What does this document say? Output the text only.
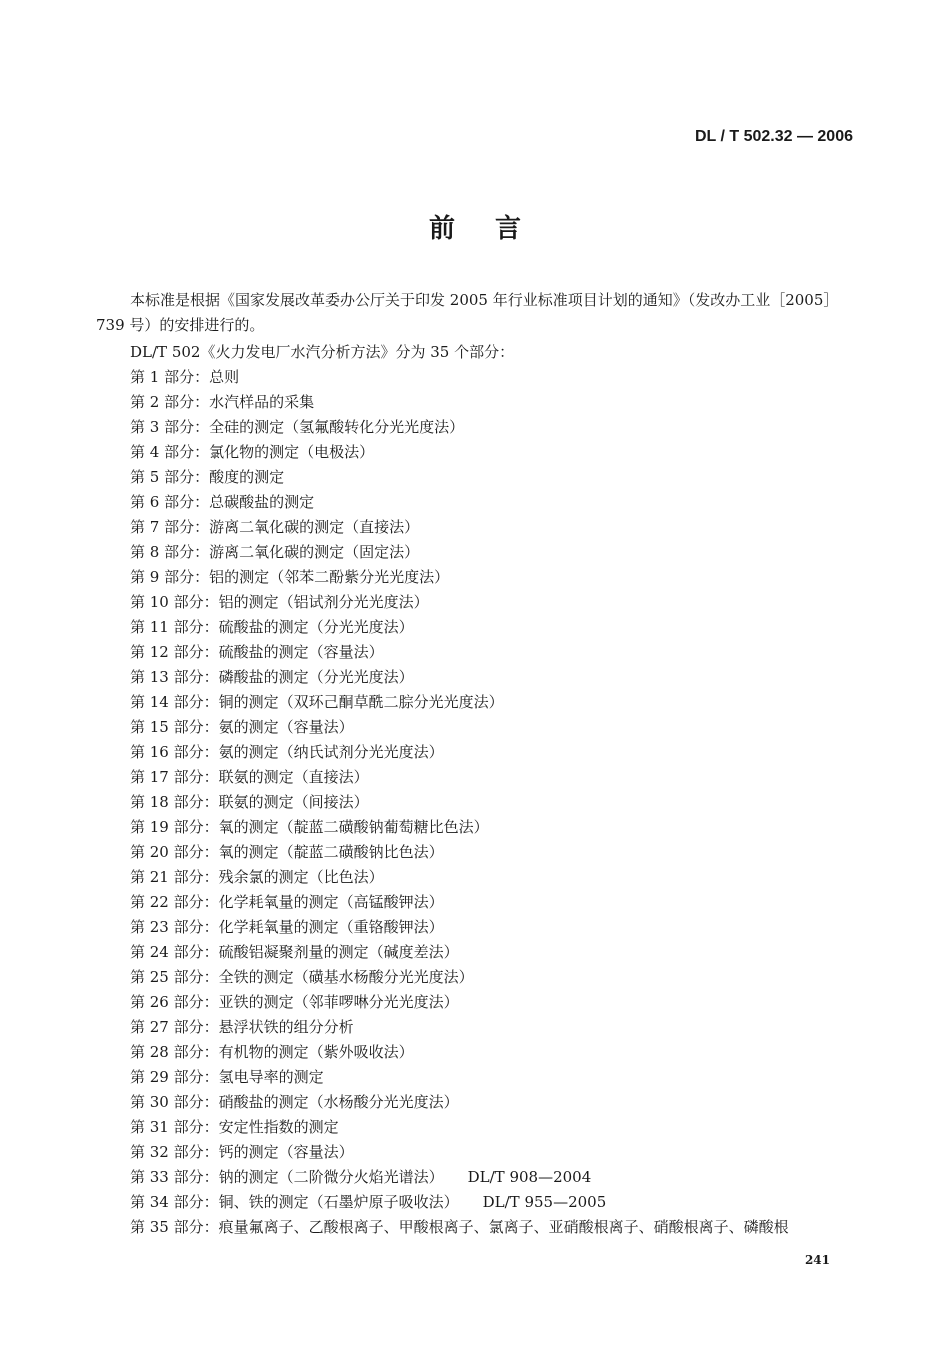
DL / T 502.32 — 2006
前 言

本标准是根据《国家发展改革委办公厅关于印发 2005 年行业标准项目计划的通知》（发改办工业［2005］739 号）的安排进行的。

DL/T 502《火力发电厂水汽分析方法》分为 35 个部分：
第 1 部分：总则
第 2 部分：水汽样品的采集
第 3 部分：全硅的测定（氢氟酸转化分光光度法）
第 4 部分：氯化物的测定（电极法）
第 5 部分：酸度的测定
第 6 部分：总碳酸盐的测定
第 7 部分：游离二氧化碳的测定（直接法）
第 8 部分：游离二氧化碳的测定（固定法）
第 9 部分：铝的测定（邻苯二酚紫分光光度法）
第 10 部分：铝的测定（铝试剂分光光度法）
第 11 部分：硫酸盐的测定（分光光度法）
第 12 部分：硫酸盐的测定（容量法）
第 13 部分：磷酸盐的测定（分光光度法）
第 14 部分：铜的测定（双环己酮草酰二腙分光光度法）
第 15 部分：氨的测定（容量法）
第 16 部分：氨的测定（纳氏试剂分光光度法）
第 17 部分：联氨的测定（直接法）
第 18 部分：联氨的测定（间接法）
第 19 部分：氧的测定（靛蓝二磺酸钠葡萄糖比色法）
第 20 部分：氧的测定（靛蓝二磺酸钠比色法）
第 21 部分：残余氯的测定（比色法）
第 22 部分：化学耗氧量的测定（高锰酸钾法）
第 23 部分：化学耗氧量的测定（重铬酸钾法）
第 24 部分：硫酸铝凝聚剂量的测定（碱度差法）
第 25 部分：全铁的测定（磺基水杨酸分光光度法）
第 26 部分：亚铁的测定（邻菲啰啉分光光度法）
第 27 部分：悬浮状铁的组分分析
第 28 部分：有机物的测定（紫外吸收法）
第 29 部分：氢电导率的测定
第 30 部分：硝酸盐的测定（水杨酸分光光度法）
第 31 部分：安定性指数的测定
第 32 部分：钙的测定（容量法）
第 33 部分：钠的测定（二阶微分火焰光谱法） DL/T 908—2004
第 34 部分：铜、铁的测定（石墨炉原子吸收法） DL/T 955—2005
第 35 部分：痕量氟离子、乙酸根离子、甲酸根离子、氯离子、亚硝酸根离子、硝酸根离子、磷酸根
241
